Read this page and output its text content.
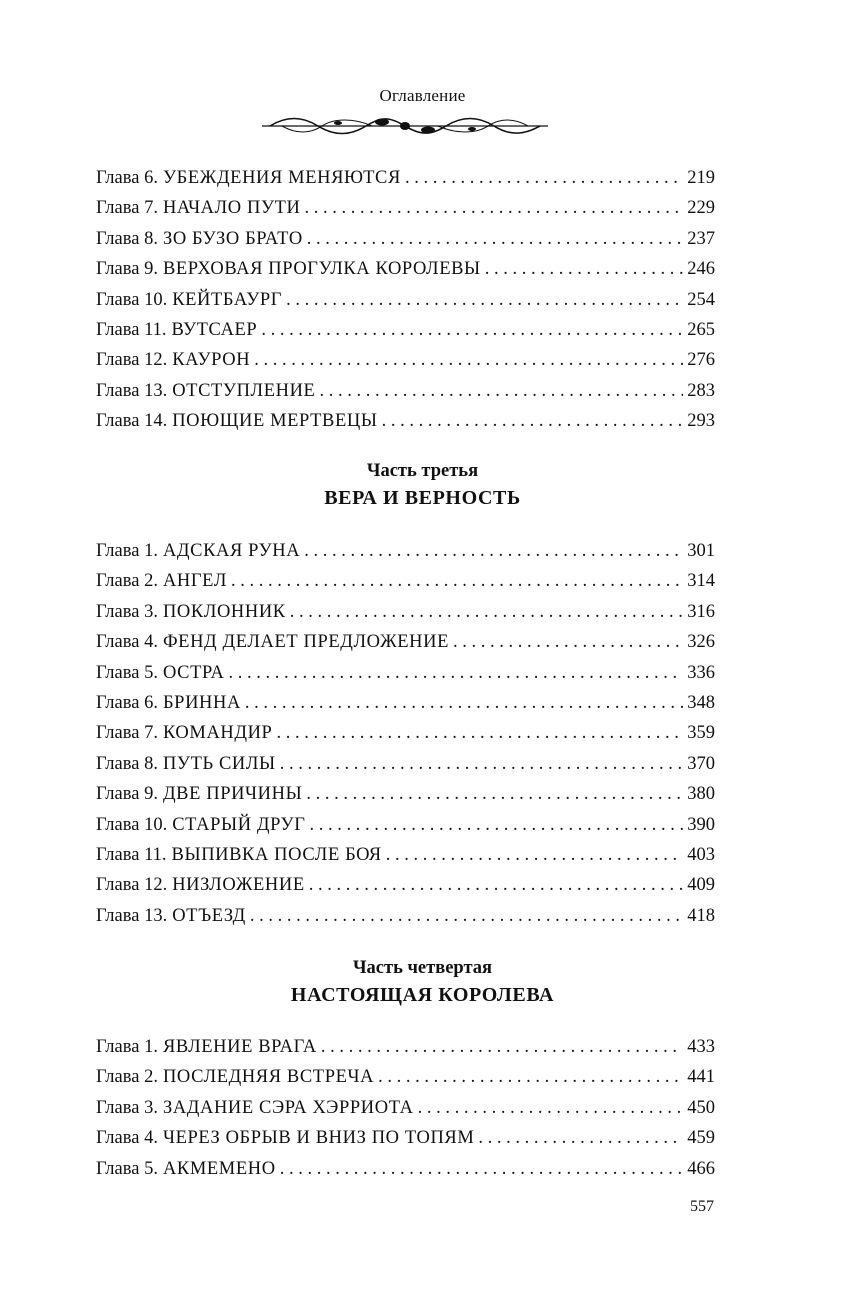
Оглавление
Глава 6. УБЕЖДЕНИЯ МЕНЯЮТСЯ . . .	219
Глава 7. НАЧАЛО ПУТИ . . .	229
Глава 8. ЗО БУЗО БРАТО . . .	237
Глава 9. ВЕРХОВАЯ ПРОГУЛКА КОРОЛЕВЫ . . .	246
Глава 10. КЕЙТБАУРГ . . .	254
Глава 11. ВУТСАЕР . . .	265
Глава 12. КАУРОН . . .	276
Глава 13. ОТСТУПЛЕНИЕ . . .	283
Глава 14. ПОЮЩИЕ МЕРТВЕЦЫ . . .	293
Часть третья
ВЕРА И ВЕРНОСТЬ
Глава 1. АДСКАЯ РУНА . . .	301
Глава 2. АНГЕЛ . . .	314
Глава 3. ПОКЛОННИК . . .	316
Глава 4. ФЕНД ДЕЛАЕТ ПРЕДЛОЖЕНИЕ . . .	326
Глава 5. ОСТРА . . .	336
Глава 6. БРИННА . . .	348
Глава 7. КОМАНДИР . . .	359
Глава 8. ПУТЬ СИЛЫ . . .	370
Глава 9. ДВЕ ПРИЧИНЫ . . .	380
Глава 10. СТАРЫЙ ДРУГ . . .	390
Глава 11. ВЫПИВКА ПОСЛЕ БОЯ . . .	403
Глава 12. НИЗЛОЖЕНИЕ . . .	409
Глава 13. ОТЪЕЗД . . .	418
Часть четвертая
НАСТОЯЩАЯ КОРОЛЕВА
Глава 1. ЯВЛЕНИЕ ВРАГА . . .	433
Глава 2. ПОСЛЕДНЯЯ ВСТРЕЧА . . .	441
Глава 3. ЗАДАНИЕ СЭРА ХЭРРИОТА . . .	450
Глава 4. ЧЕРЕЗ ОБРЫВ И ВНИЗ ПО ТОПЯМ . . .	459
Глава 5. АКМЕМЕНО . . .	466
557
